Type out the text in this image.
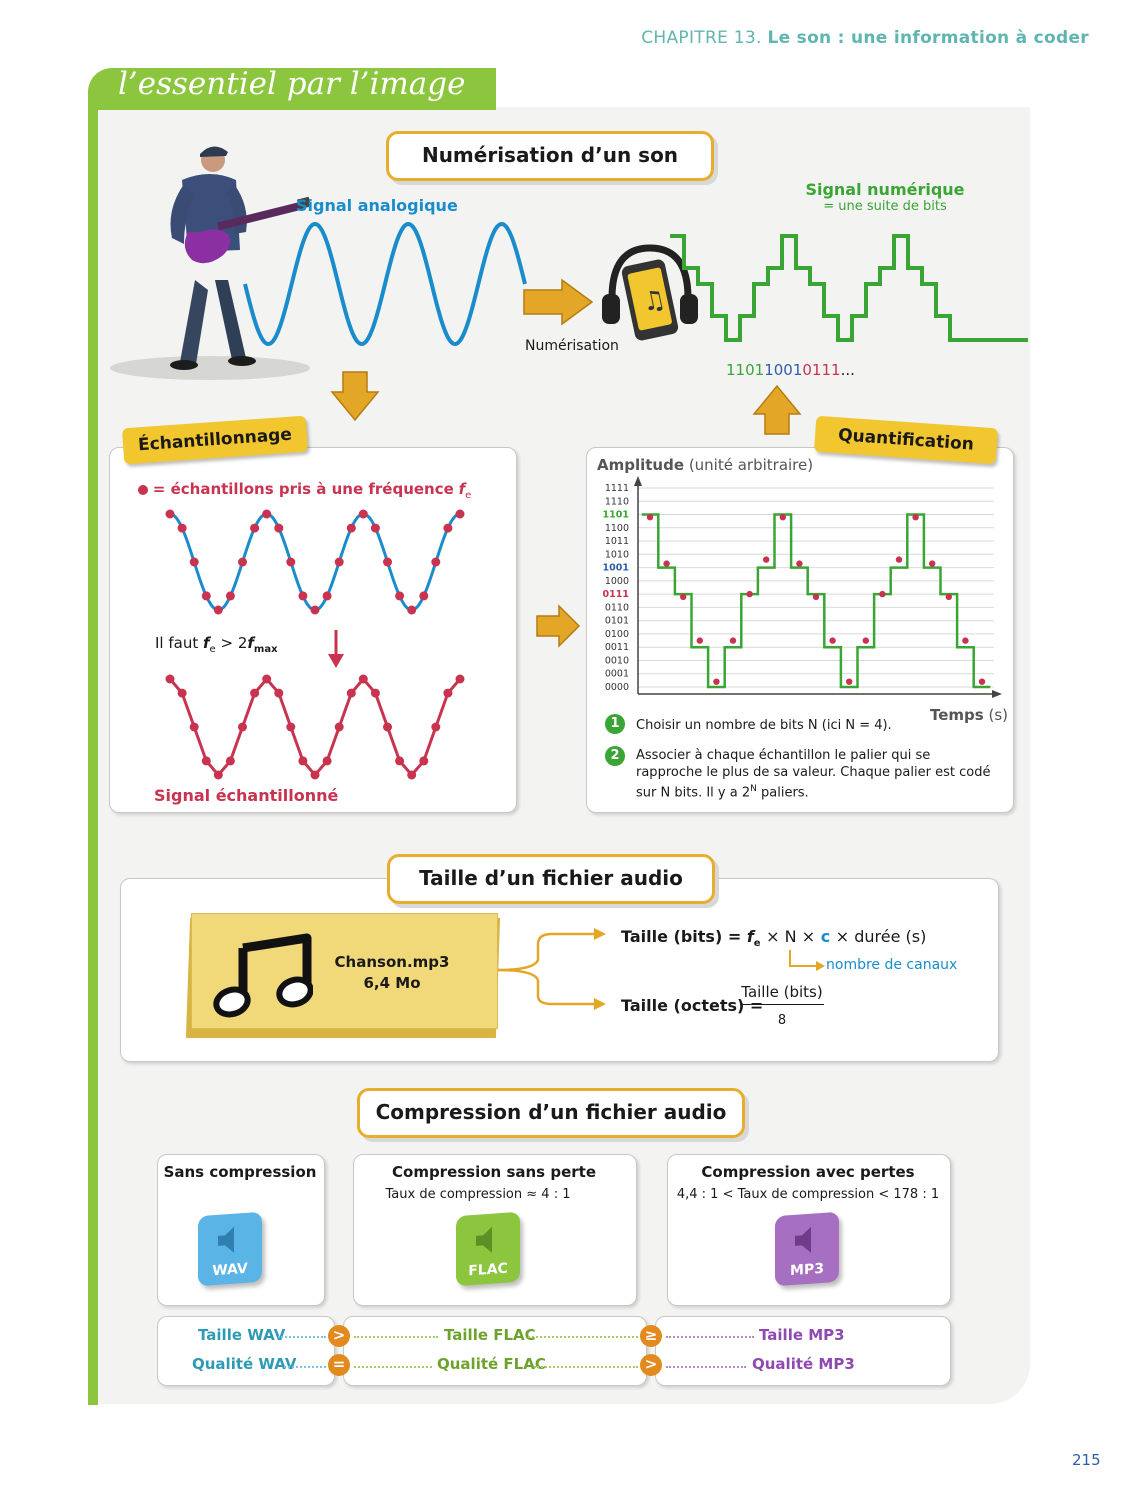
CHAPITRE 13. Le son : une information à coder
l’essentiel par l’image
Numérisation d’un son
Signal analogique
Numérisation
♫
Signal numérique
= une suite de bits
110110010111...
Échantillonnage
= échantillons pris à une fréquence $f_e$
Il faut $f_e > 2f_{max}$
Signal échantillonné
Quantification
Amplitude (unité arbitraire)
0000
0001
0010
0011
0100
0101
0110
0111
1000
1001
1010
1011
1100
1101
1110
1111
Temps (s)
1	Choisir un nombre de bits N (ici N = 4).
2	Associer à chaque échantillon le palier qui se
rapproche le plus de sa valeur. Chaque palier est codé
sur N bits. Il y a $2^N$ paliers.
Taille d’un fichier audio
Chanson.mp3
6,4 Mo
Taille (bits) = $f_e \times N \times c$ × durée (s)
nombre de canaux
Taille (octets) =
Taille (bits)
8
Compression d’un fichier audio
Sans compression	Compression sans perte
Taux de compression ≈ 4 : 1
Compression avec pertes
4,4 : 1 < Taux de compression < 178 : 1
WAV	FLAC	MP3
Taille WAV	>	Taille FLAC	≥	Taille MP3
Qualité WAV	=	Qualité FLAC	>	Qualité MP3
215
